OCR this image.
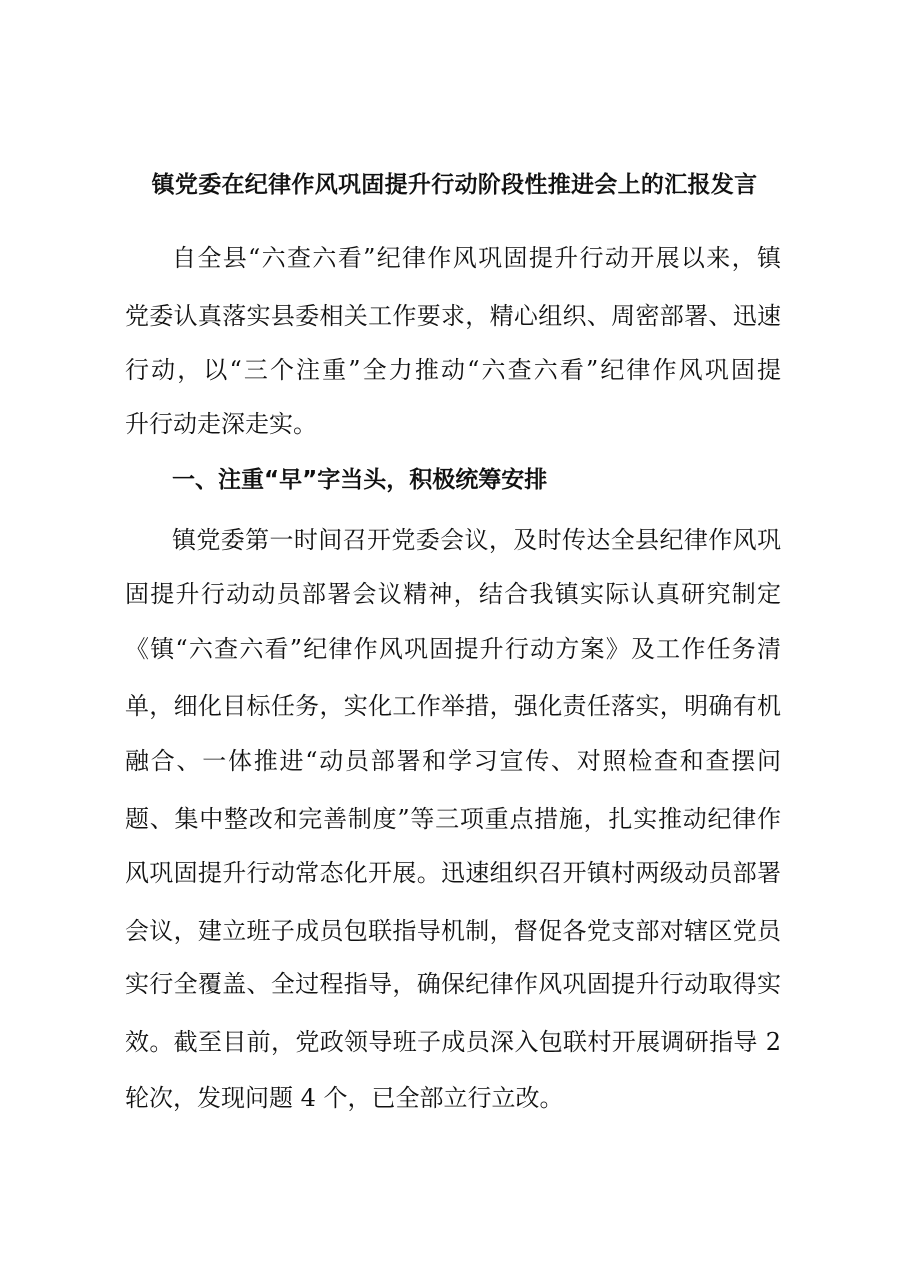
镇党委在纪律作风巩固提升行动阶段性推进会上的汇报发言
自全县“六查六看”纪律作风巩固提升行动开展以来，镇
党委认真落实县委相关工作要求，精心组织、周密部署、迅速
行动，以“三个注重”全力推动“六查六看”纪律作风巩固提
升行动走深走实。
一、注重“早”字当头，积极统筹安排
镇党委第一时间召开党委会议，及时传达全县纪律作风巩
固提升行动动员部署会议精神，结合我镇实际认真研究制定
《镇“六查六看”纪律作风巩固提升行动方案》及工作任务清
单，细化目标任务，实化工作举措，强化责任落实，明确有机
融合、一体推进“动员部署和学习宣传、对照检查和查摆问
题、集中整改和完善制度”等三项重点措施，扎实推动纪律作
风巩固提升行动常态化开展。迅速组织召开镇村两级动员部署
会议，建立班子成员包联指导机制，督促各党支部对辖区党员
实行全覆盖、全过程指导，确保纪律作风巩固提升行动取得实
效。截至目前，党政领导班子成员深入包联村开展调研指导 2
轮次，发现问题 4 个，已全部立行立改。
